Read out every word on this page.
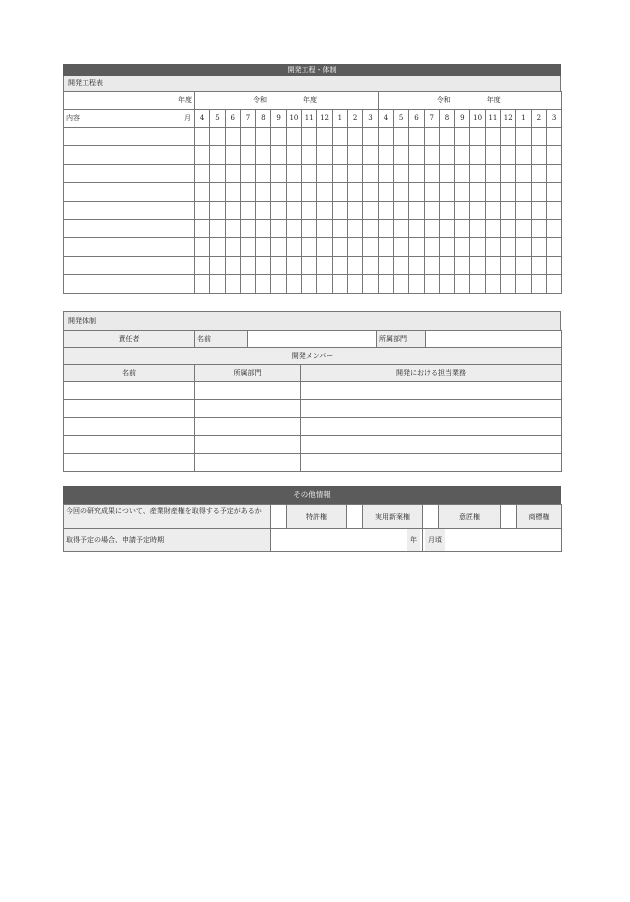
開発工程・体制
開発工程表
年度	令和 年度												令和 年度											

内容 月	4	5	6	7	8	9	10	11	12	1	2	3	4	5	6	7	8	9	10	11	12	1	2	3

開発体制
責任者	名前			所属部門	
開発メンバー					
名前	所属部門		開発における担当業務		

その他情報
今回の研究成果について、産業財産権を取得する予定があるか		特許権		実用新案権		意匠権		商標権
取得予定の場合、申請予定時期	年				月頃			
